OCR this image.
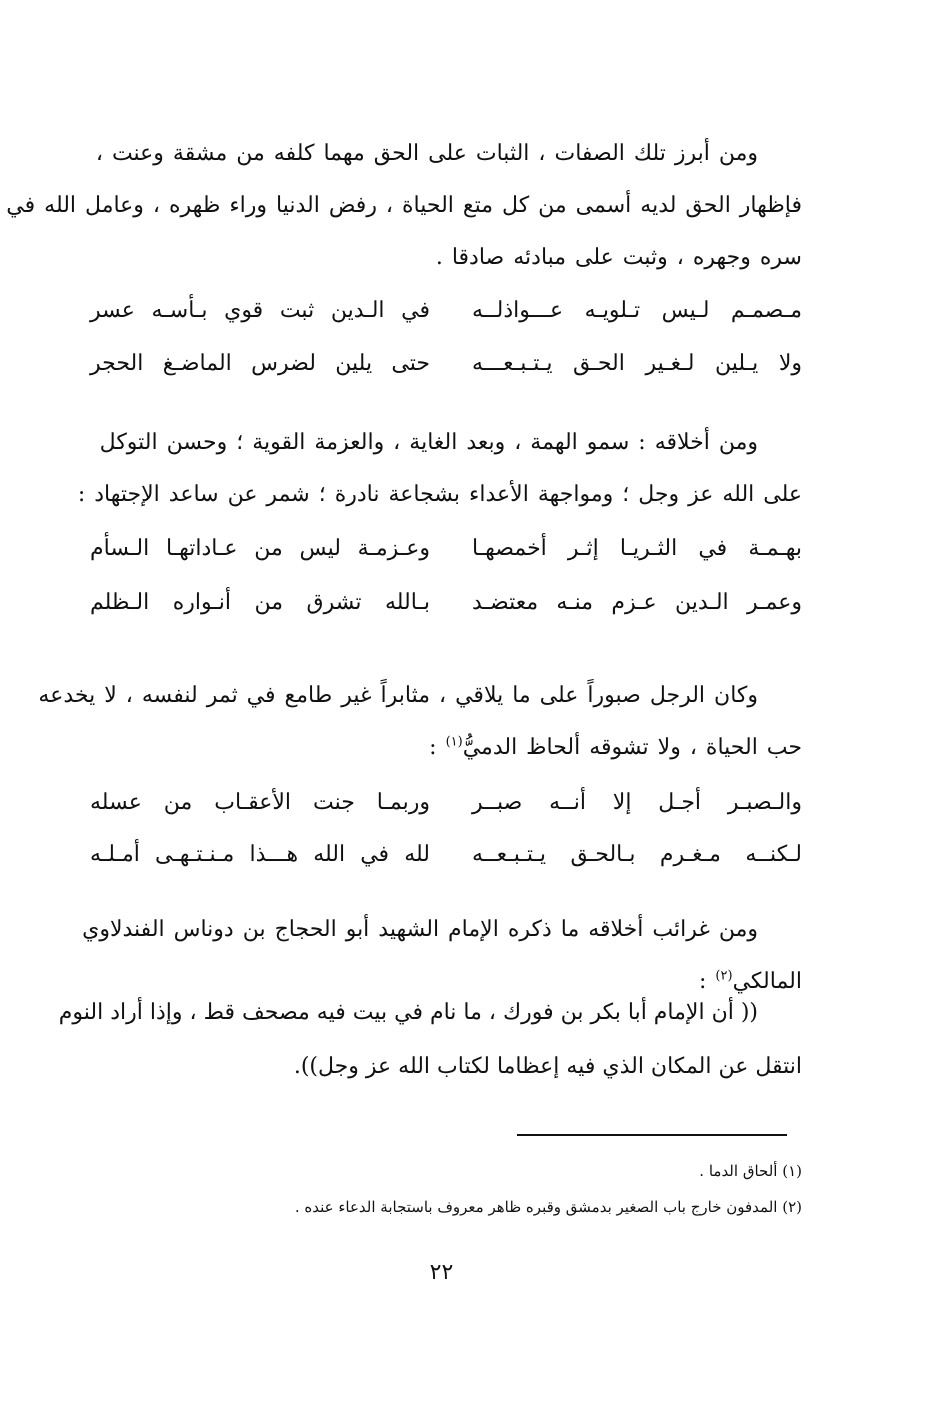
ومن أبرز تلك الصفات ، الثبات على الحق مهما كلفه من مشقة وعنت ،
فإظهار الحق لديه أسمى من كل متع الحياة ، رفض الدنيا وراء ظهره ، وعامل الله في
سره وجهره ، وثبت على مبادئه صادقا .
مـصمـم لـيس تـلويـه عـــواذلــه
في الـدين ثبت قوي بـأسـه عسر
ولا يـلين لـغـير الحـق يـتـبـعـــه
حتى يلين لضرس الماضـغ الحجر
ومن أخلاقه : سمو الهمة ، وبعد الغاية ، والعزمة القوية ؛ وحسن التوكل
على الله عز وجل ؛ ومواجهة الأعداء بشجاعة نادرة ؛ شمر عن ساعد الإجتهاد :
بهـمـة في الثـريـا إثـر أخمصهـا
وعـزمـة ليس من عـاداتهـا الـسأم
وعمـر الـدين عـزم منـه معتضـد
بـالله تشرق من أنـواره الـظلم
وكان الرجل صبوراً على ما يلاقي ، مثابراً غير طامع في ثمر لنفسه ، لا يخدعه
حب الحياة ، ولا تشوقه ألحاظ الدميُّ$^{(١)}$ :
والـصبـر أجـل إلا أنــه صبــر
وربمـا جنت الأعقـاب من عسله
لـكنــه مـغـرم بـالحـق يـتـبـعــه
لله في الله هـــذا مـنـتـهـى أمـلـه
ومن غرائب أخلاقه ما ذكره الإمام الشهيد أبو الحجاج بن دوناس الفندلاوي
المالكي$^{(٢)}$ :
(( أن الإمام أبا بكر بن فورك ، ما نام في بيت فيه مصحف قط ، وإذا أراد النوم
انتقل عن المكان الذي فيه إعظاما لكتاب الله عز وجل)).
(١) ألحاق الدما .
(٢) المدفون خارج باب الصغير بدمشق وقبره ظاهر معروف باستجابة الدعاء عنده .
٢٢
